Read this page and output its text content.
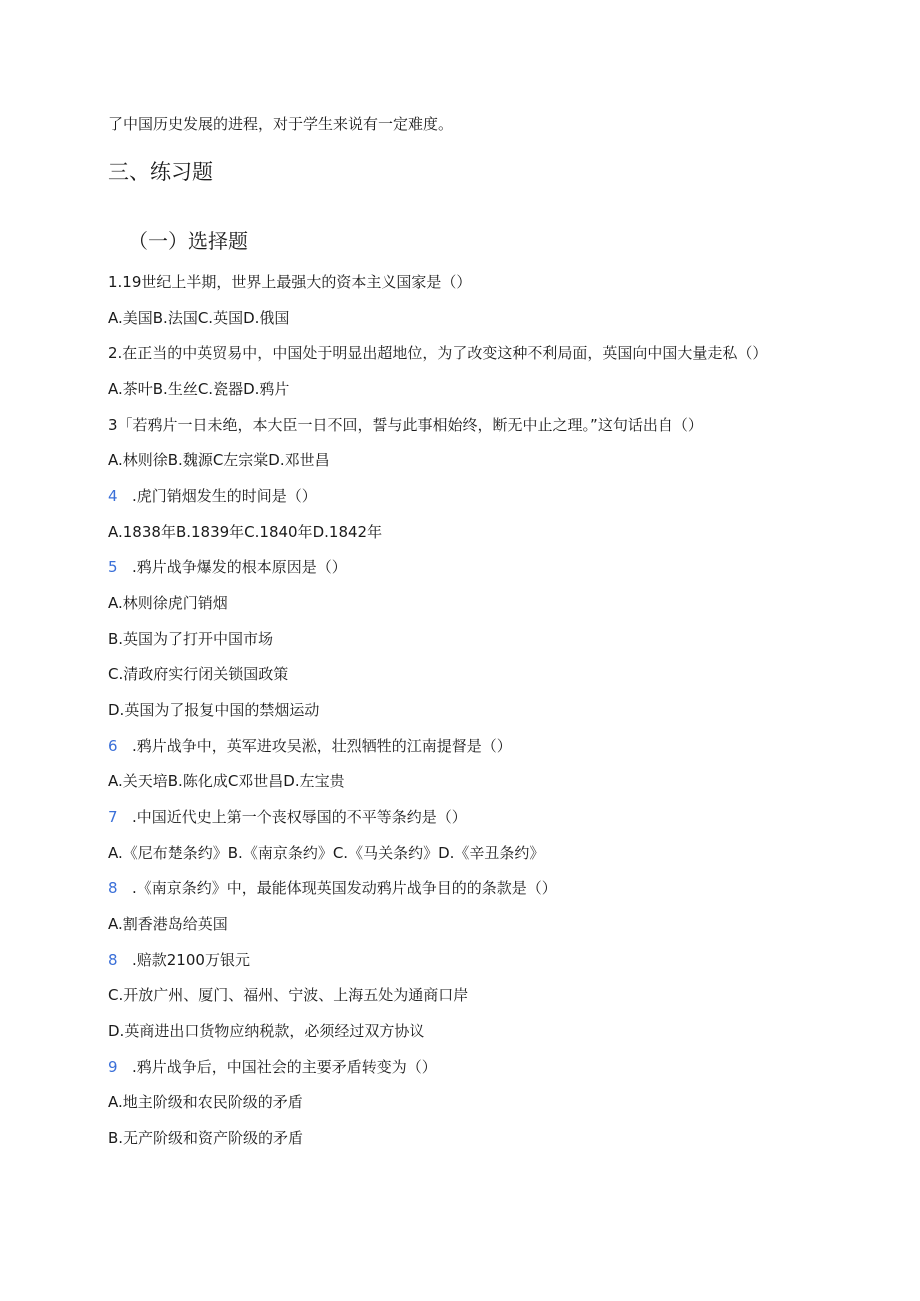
了中国历史发展的进程，对于学生来说有一定难度。
三、练习题
（一）选择题
1.19世纪上半期，世界上最强大的资本主义国家是（）
A.美国B.法国C.英国D.俄国
2.在正当的中英贸易中，中国处于明显出超地位，为了改变这种不利局面，英国向中国大量走私（）
A.茶叶B.生丝C.瓷器D.鸦片
3「若鸦片一日未绝，本大臣一日不回，誓与此事相始终，断无中止之理。”这句话出自（）
A.林则徐B.魏源C左宗棠D.邓世昌
4 .虎门销烟发生的时间是（）
A.1838年B.1839年C.1840年D.1842年
5 .鸦片战争爆发的根本原因是（）
A.林则徐虎门销烟
B.英国为了打开中国市场
C.清政府实行闭关锁国政策
D.英国为了报复中国的禁烟运动
6 .鸦片战争中，英军进攻吴淞，壮烈牺牲的江南提督是（）
A.关天培B.陈化成C邓世昌D.左宝贵
7 .中国近代史上第一个丧权辱国的不平等条约是（）
A.《尼布楚条约》B.《南京条约》C.《马关条约》D.《辛丑条约》
8 .《南京条约》中，最能体现英国发动鸦片战争目的的条款是（）
A.割香港岛给英国
8 .赔款2100万银元
C.开放广州、厦门、福州、宁波、上海五处为通商口岸
D.英商进出口货物应纳税款，必须经过双方协议
9 .鸦片战争后，中国社会的主要矛盾转变为（）
A.地主阶级和农民阶级的矛盾
B.无产阶级和资产阶级的矛盾
